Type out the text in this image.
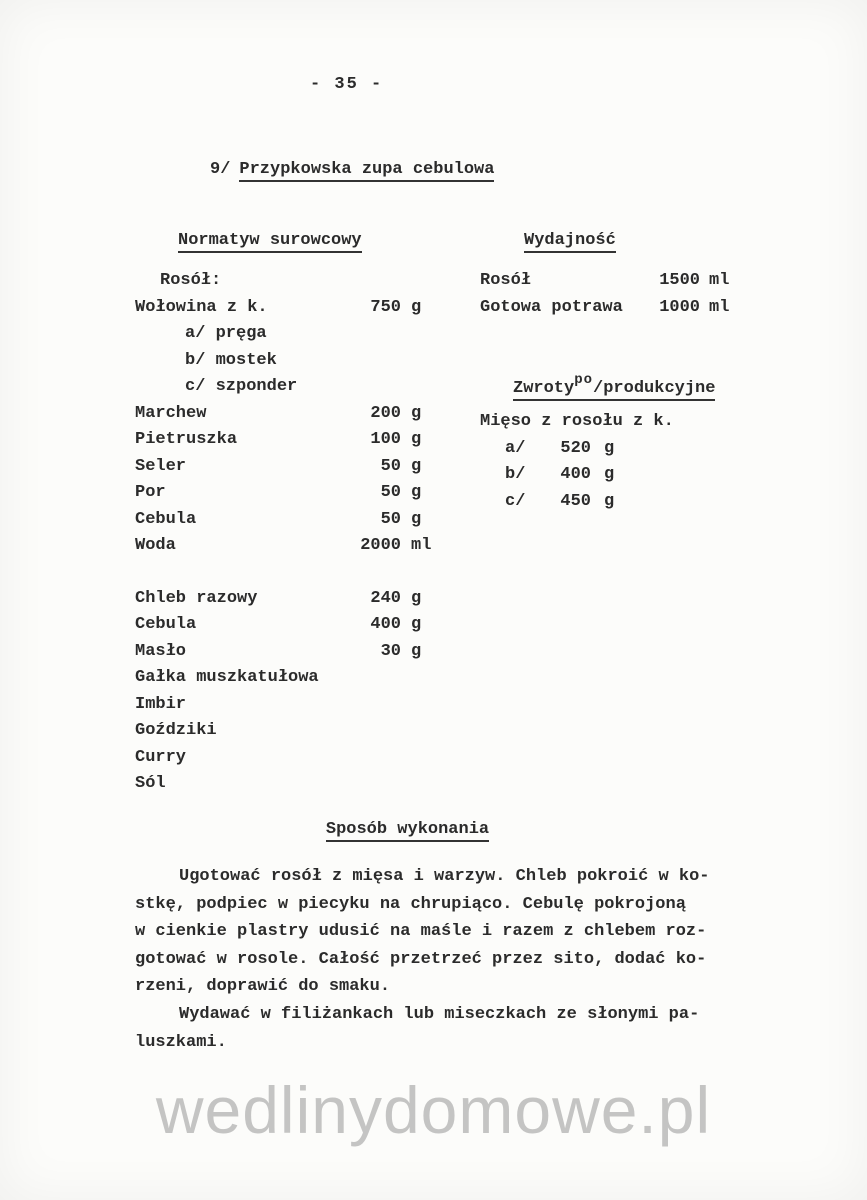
- 35 -
9/ Przypkowska zupa cebulowa
Normatyw surowcowy
Rosół:
Wołowina z k.	750 g
a/ pręga
b/ mostek
c/ szponder
Marchew	200 g
Pietruszka	100 g
Seler	50 g
Por	50 g
Cebula	50 g
Woda	2000 ml
Chleb razowy	240 g
Cebula	400 g
Masło	30 g
Gałka muszkatułowa
Imbir
Goździki
Curry
Sól
Wydajność
Rosół	1500 ml
Gotowa potrawa	1000 ml
Zwroty$^{po}$/produkcyjne
Mięso z rosołu z k.
a/	520 g
b/	400 g
c/	450 g
Sposób wykonania
Ugotować rosół z mięsa i warzyw. Chleb pokroić w ko-
stkę, podpiec w piecyku na chrupiąco. Cebulę pokrojoną
w cienkie plastry udusić na maśle i razem z chlebem roz-
gotować w rosole. Całość przetrzeć przez sito, dodać ko-
rzeni, doprawić do smaku.
Wydawać w filiżankach lub miseczkach ze słonymi pa-
luszkami.
wedlinydomowe.pl
